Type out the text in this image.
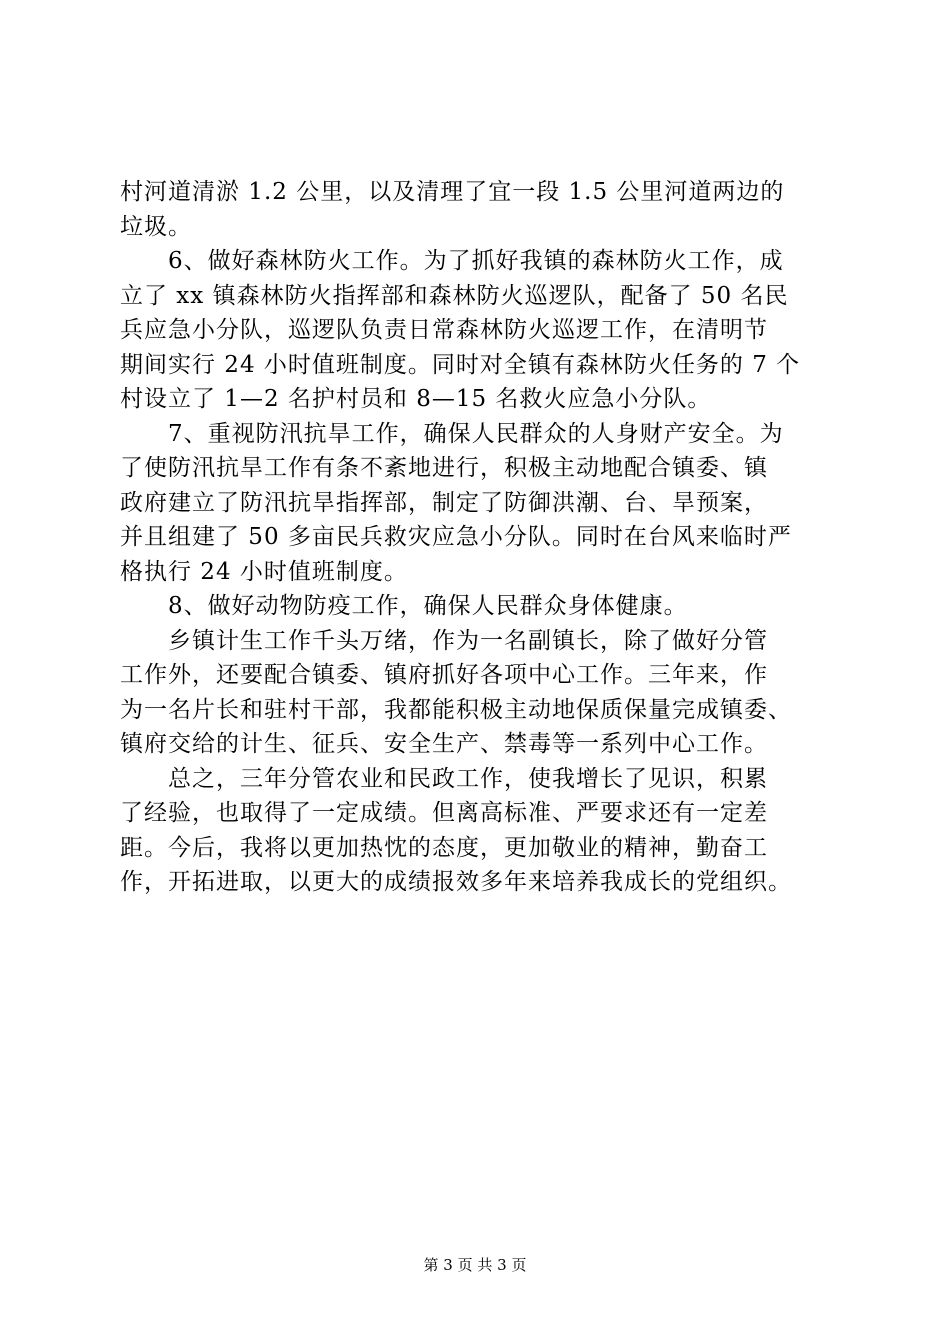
村河道清淤 1.2 公里，以及清理了宜一段 1.5 公里河道两边的
垃圾。
　　6、做好森林防火工作。为了抓好我镇的森林防火工作，成
立了 xx 镇森林防火指挥部和森林防火巡逻队，配备了 50 名民
兵应急小分队，巡逻队负责日常森林防火巡逻工作，在清明节
期间实行 24 小时值班制度。同时对全镇有森林防火任务的 7 个
村设立了 1—2 名护村员和 8—15 名救火应急小分队。
　　7、重视防汛抗旱工作，确保人民群众的人身财产安全。为
了使防汛抗旱工作有条不紊地进行，积极主动地配合镇委、镇
政府建立了防汛抗旱指挥部，制定了防御洪潮、台、旱预案，
并且组建了 50 多亩民兵救灾应急小分队。同时在台风来临时严
格执行 24 小时值班制度。
　　8、做好动物防疫工作，确保人民群众身体健康。
　　乡镇计生工作千头万绪，作为一名副镇长，除了做好分管
工作外，还要配合镇委、镇府抓好各项中心工作。三年来，作
为一名片长和驻村干部，我都能积极主动地保质保量完成镇委、
镇府交给的计生、征兵、安全生产、禁毒等一系列中心工作。
　　总之，三年分管农业和民政工作，使我增长了见识，积累
了经验，也取得了一定成绩。但离高标准、严要求还有一定差
距。今后，我将以更加热忱的态度，更加敬业的精神，勤奋工
作，开拓进取，以更大的成绩报效多年来培养我成长的党组织。
第 3 页 共 3 页
